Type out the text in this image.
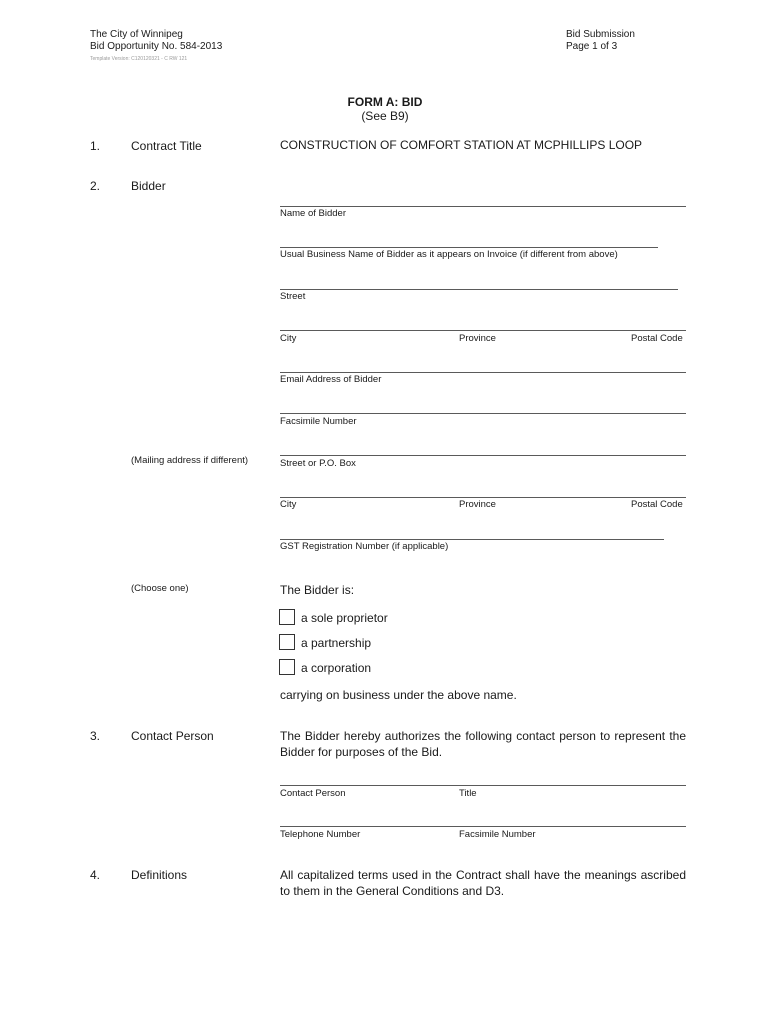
The City of Winnipeg
Bid Opportunity No. 584-2013
Template Version: C120120321 - C RW 121
Bid Submission
Page 1 of 3
FORM A: BID
(See B9)
1.	Contract Title	CONSTRUCTION OF COMFORT STATION AT MCPHILLIPS LOOP
2.	Bidder
Name of Bidder
Usual Business Name of Bidder as it appears on Invoice (if different from above)
Street
City	Province	Postal Code
Email Address of Bidder
Facsimile Number
(Mailing address if different)	Street or P.O. Box
City	Province	Postal Code
GST Registration Number (if applicable)
(Choose one)	The Bidder is:
a sole proprietor
a partnership
a corporation
carrying on business under the above name.
3.	Contact Person	The Bidder hereby authorizes the following contact person to represent the Bidder for purposes of the Bid.
Contact Person	Title
Telephone Number	Facsimile Number
4.	Definitions	All capitalized terms used in the Contract shall have the meanings ascribed to them in the General Conditions and D3.
